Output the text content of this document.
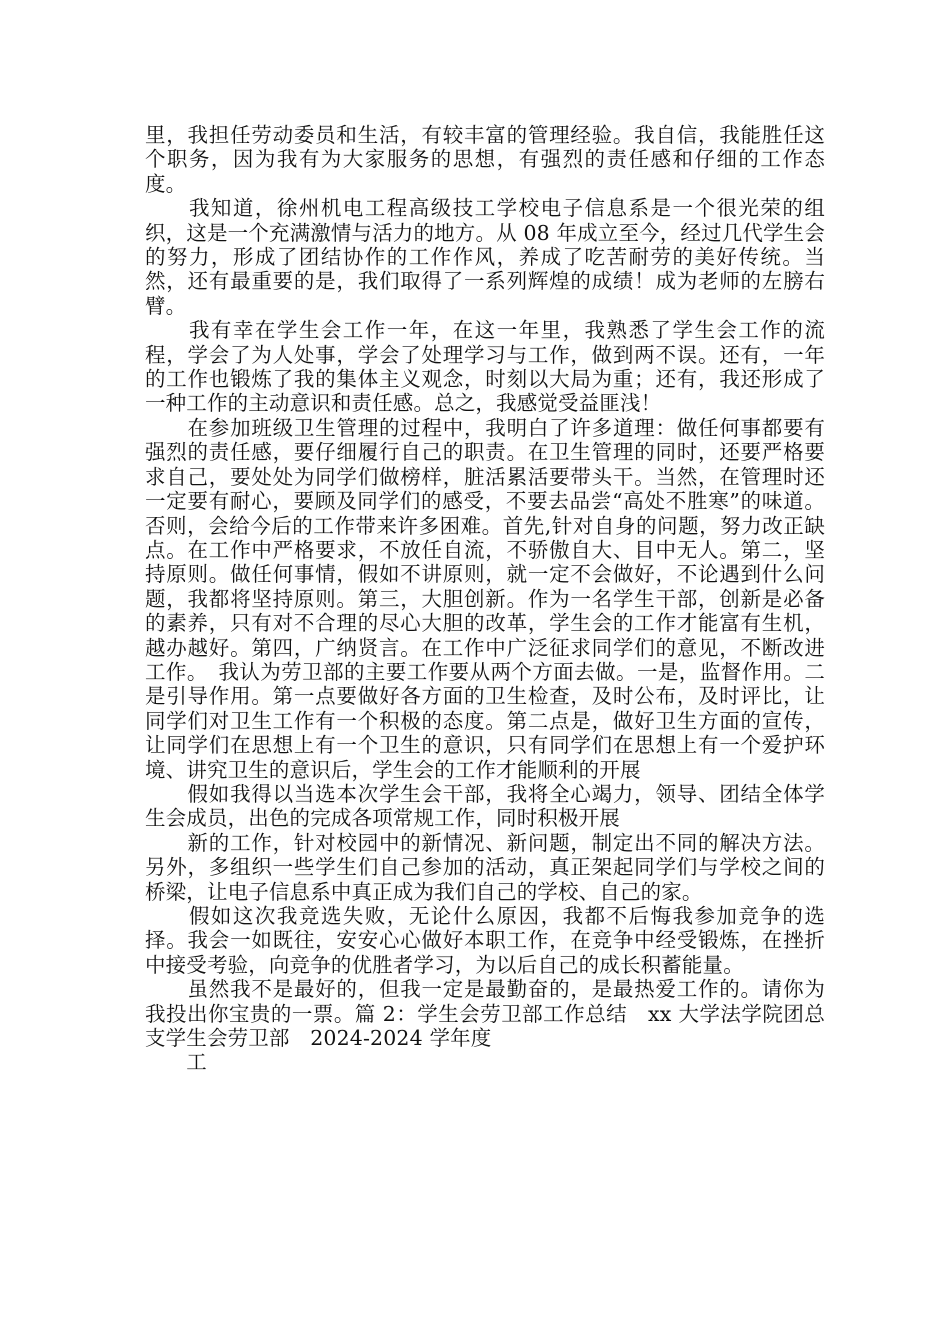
里，我担任劳动委员和生活，有较丰富的管理经验。我自信，我能胜任这个职务，因为我有为大家服务的思想，有强烈的责任感和仔细的工作态度。

　　我知道，徐州机电工程高级技工学校电子信息系是一个很光荣的组织，这是一个充满激情与活力的地方。从 08 年成立至今，经过几代学生会的努力，形成了团结协作的工作作风，养成了吃苦耐劳的美好传统。当然，还有最重要的是，我们取得了一系列辉煌的成绩！成为老师的左膀右臂。

　　我有幸在学生会工作一年，在这一年里，我熟悉了学生会工作的流程，学会了为人处事，学会了处理学习与工作，做到两不误。还有，一年的工作也锻炼了我的集体主义观念，时刻以大局为重；还有，我还形成了一种工作的主动意识和责任感。总之，我感觉受益匪浅！

　　在参加班级卫生管理的过程中，我明白了许多道理：做任何事都要有强烈的责任感，要仔细履行自己的职责。在卫生管理的同时，还要严格要求自己，要处处为同学们做榜样，脏活累活要带头干。当然，在管理时还一定要有耐心，要顾及同学们的感受，不要去品尝“高处不胜寒”的味道。否则，会给今后的工作带来许多困难。首先,针对自身的问题，努力改正缺点。在工作中严格要求，不放任自流，不骄傲自大、目中无人。第二，坚持原则。做任何事情，假如不讲原则，就一定不会做好，不论遇到什么问题，我都将坚持原则。第三，大胆创新。作为一名学生干部，创新是必备的素养，只有对不合理的尽心大胆的改革，学生会的工作才能富有生机，越办越好。第四，广纳贤言。在工作中广泛征求同学们的意见，不断改进工作。　我认为劳卫部的主要工作要从两个方面去做。一是，监督作用。二是引导作用。第一点要做好各方面的卫生检查，及时公布，及时评比，让同学们对卫生工作有一个积极的态度。第二点是，做好卫生方面的宣传，让同学们在思想上有一个卫生的意识，只有同学们在思想上有一个爱护环境、讲究卫生的意识后，学生会的工作才能顺利的开展

　　假如我得以当选本次学生会干部，我将全心竭力，领导、团结全体学生会成员，出色的完成各项常规工作，同时积极开展

　　新的工作，针对校园中的新情况、新问题，制定出不同的解决方法。另外，多组织一些学生们自己参加的活动，真正架起同学们与学校之间的桥梁，让电子信息系中真正成为我们自己的学校、自己的家。

　　假如这次我竞选失败，无论什么原因，我都不后悔我参加竞争的选择。我会一如既往，安安心心做好本职工作，在竞争中经受锻炼，在挫折中接受考验，向竞争的优胜者学习，为以后自己的成长积蓄能量。

　　虽然我不是最好的，但我一定是最勤奋的，是最热爱工作的。请你为我投出你宝贵的一票。篇 2：学生会劳卫部工作总结　xx 大学法学院团总支学生会劳卫部　2024-2024 学年度

　　工
